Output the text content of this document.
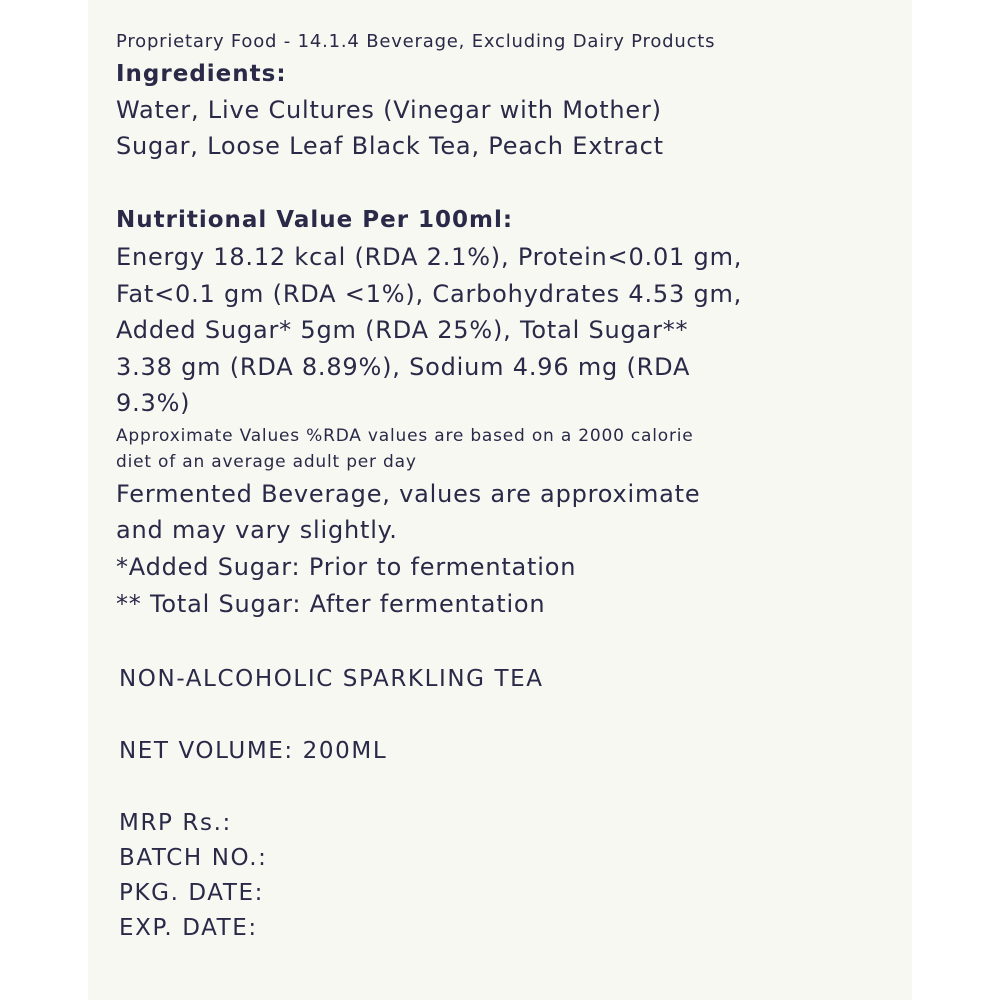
Proprietary Food - 14.1.4 Beverage, Excluding Dairy Products

Ingredients:

Water, Live Cultures (Vinegar with Mother)

Sugar, Loose Leaf Black Tea, Peach Extract

Nutritional Value Per 100ml:

Energy 18.12 kcal (RDA 2.1%), Protein<0.01 gm,

Fat<0.1 gm (RDA <1%), Carbohydrates 4.53 gm,

Added Sugar* 5gm (RDA 25%), Total Sugar**

3.38 gm (RDA 8.89%), Sodium 4.96 mg (RDA

9.3%)

Approximate Values %RDA values are based on a 2000 calorie

diet of an average adult per day

Fermented Beverage, values are approximate

and may vary slightly.

*Added Sugar: Prior to fermentation

** Total Sugar: After fermentation

NON-ALCOHOLIC SPARKLING TEA

NET VOLUME: 200ML

MRP Rs.:

BATCH NO.:

PKG. DATE:

EXP. DATE:
